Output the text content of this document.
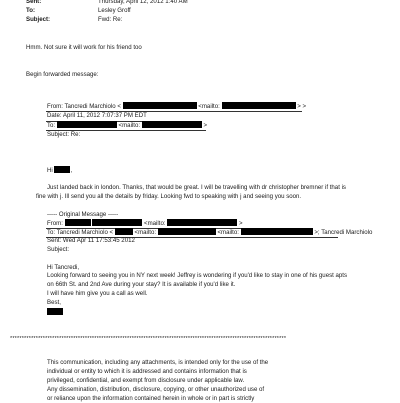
Sent:	Thursday, April 12, 2012 1:40 AM
To:	Lesley Groff
Subject:	Fwd: Re:
Hmm. Not sure it will work for his friend too
Begin forwarded message:
From: Tancredi Marchiolo <	<mailto:	> >
Date: April 11, 2012 7:07:37 PM EDT
To:	<mailto:	>
Subject: Re:
Hi	,
Just landed back in london. Thanks, that would be great. I will be travelling with dr christopher bremner if that is
fine with j. Ill send you all the details by friday. Looking fwd to speaking with j and seeing you soon.
----- Original Message -----
From:	<mailto:	>
To: Tancredi Marchiolo <	<mailto:	<mailto:	>; Tancredi Marchiolo
Sent: Wed Apr 11 17:53:45 2012
Subject:
Hi Tancredi,
Looking forward to seeing you in NY next week! Jeffrey is wondering if you'd like to stay in one of his guest apts
on 66th St. and 2nd Ave during your stay? It is available if you'd like it.
I will have him give you a call as well.
Best,
**********************************************************************************************************************
This communication, including any attachments, is intended only for the use of the
individual or entity to which it is addressed and contains information that is
privileged, confidential, and exempt from disclosure under applicable law.
Any dissemination, distribution, disclosure, copying, or other unauthorized use of
or reliance upon the information contained herein in whole or in part is strictly
